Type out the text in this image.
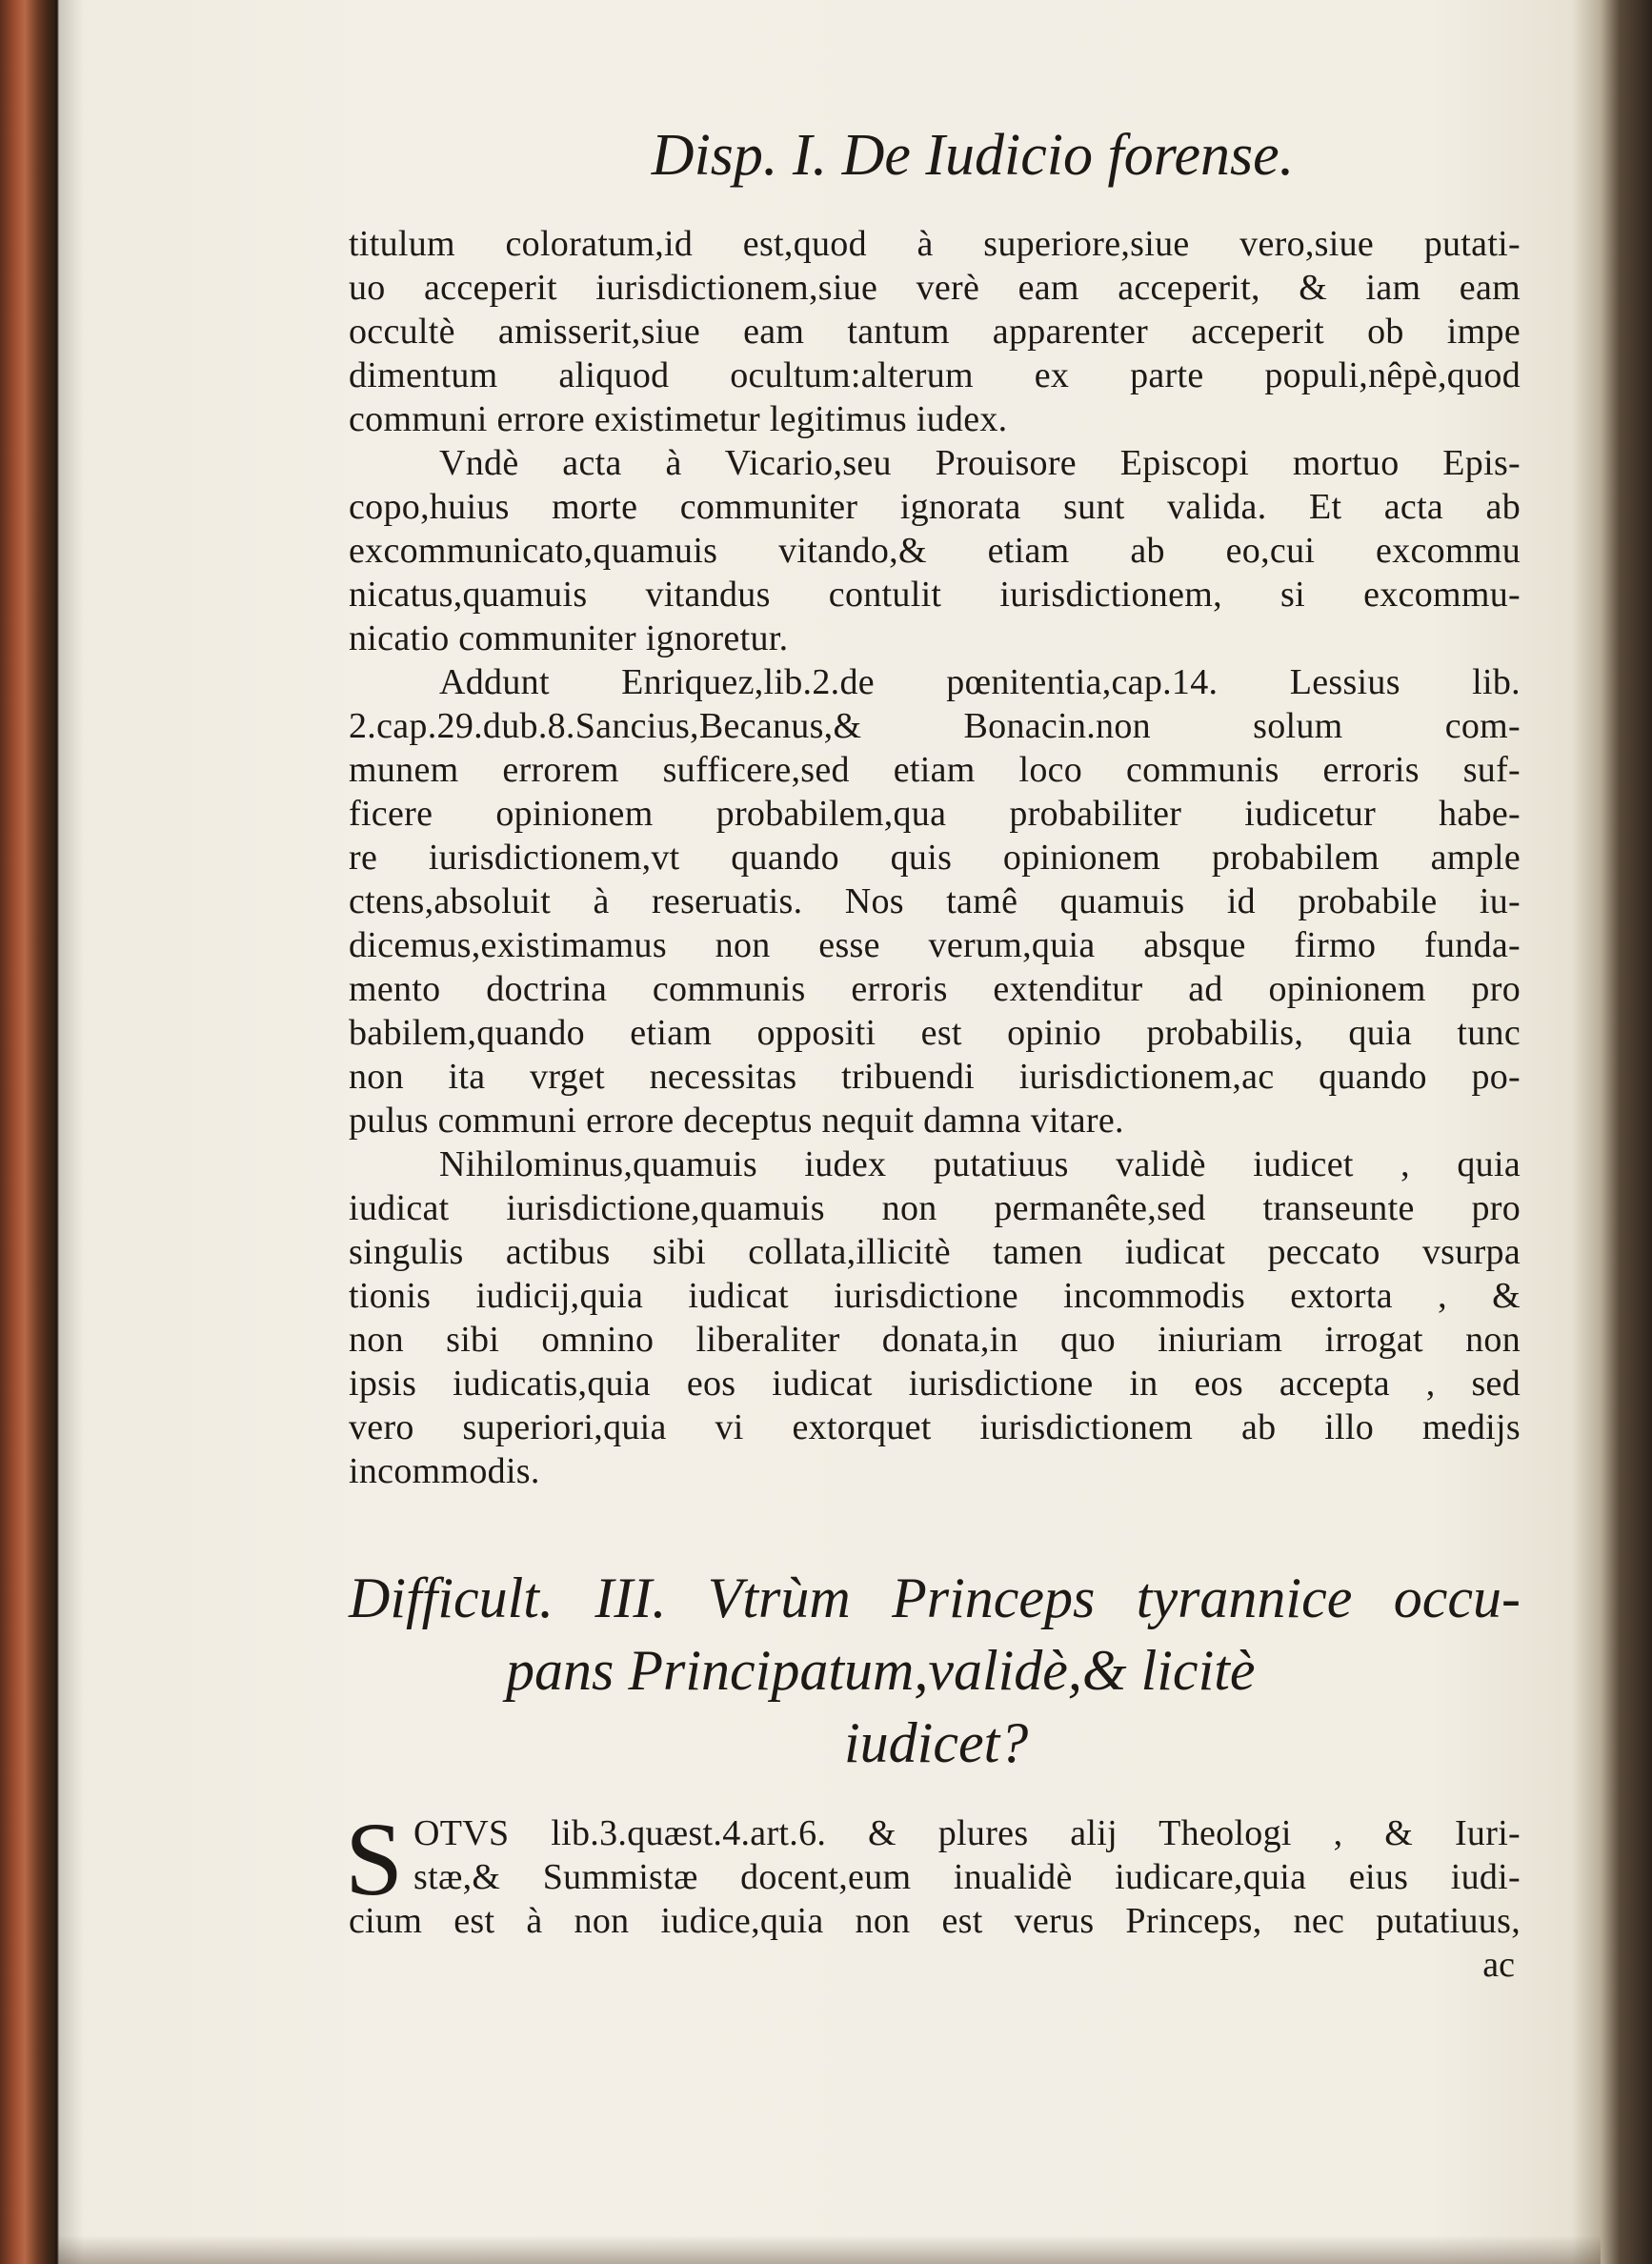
Disp. I. De Iudicio forense.
titulum coloratum,id est,quod à superiore,siue vero,siue putati-
uo acceperit iurisdictionem,siue verè eam acceperit, & iam eam
occultè amisserit,siue eam tantum apparenter acceperit ob impe
dimentum aliquod ocultum:alterum ex parte populi,nêpè,quod
communi errore existimetur legitimus iudex.
Vndè acta à Vicario,seu Prouisore Episcopi mortuo Epis-
copo,huius morte communiter ignorata sunt valida. Et acta ab
excommunicato,quamuis vitando,& etiam ab eo,cui excommu
nicatus,quamuis vitandus contulit iurisdictionem, si excommu-
nicatio communiter ignoretur.
Addunt Enriquez,lib.2.de pœnitentia,cap.14. Lessius lib.
2.cap.29.dub.8.Sancius,Becanus,& Bonacin.non solum com-
munem errorem sufficere,sed etiam loco communis erroris suf-
ficere opinionem probabilem,qua probabiliter iudicetur habe-
re iurisdictionem,vt quando quis opinionem probabilem ample
ctens,absoluit à reseruatis. Nos tamê quamuis id probabile iu-
dicemus,existimamus non esse verum,quia absque firmo funda-
mento doctrina communis erroris extenditur ad opinionem pro
babilem,quando etiam oppositi est opinio probabilis, quia tunc
non ita vrget necessitas tribuendi iurisdictionem,ac quando po-
pulus communi errore deceptus nequit damna vitare.
Nihilominus,quamuis iudex putatiuus validè iudicet , quia
iudicat iurisdictione,quamuis non permanête,sed transeunte pro
singulis actibus sibi collata,illicitè tamen iudicat peccato vsurpa
tionis iudicij,quia iudicat iurisdictione incommodis extorta , &
non sibi omnino liberaliter donata,in quo iniuriam irrogat non
ipsis iudicatis,quia eos iudicat iurisdictione in eos accepta , sed
vero superiori,quia vi extorquet iurisdictionem ab illo medijs
incommodis.
Difficult. III. Vtrùm Princeps tyrannice occu-
pans Principatum,validè,& licitè
iudicet?
S OTVS lib.3.quæst.4.art.6. & plures alij Theologi , & Iuri-
stæ,& Summistæ docent,eum inualidè iudicare,quia eius iudi-
cium est à non iudice,quia non est verus Princeps, nec putatiuus,
ac
